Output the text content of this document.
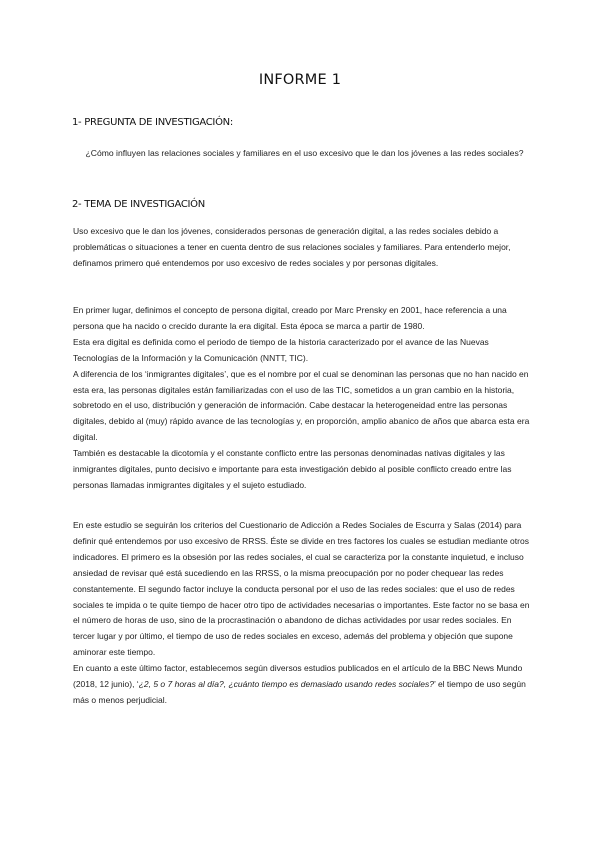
INFORME 1
1- PREGUNTA DE INVESTIGACIÓN:
¿Cómo influyen las relaciones sociales y familiares en el uso excesivo que le dan los jóvenes a las redes sociales?
2- TEMA DE INVESTIGACIÓN

Uso excesivo que le dan los jóvenes, considerados personas de generación digital, a las redes sociales debido a problemáticas o situaciones a tener en cuenta dentro de sus relaciones sociales y familiares. Para entenderlo mejor, definamos primero qué entendemos por uso excesivo de redes sociales y por personas digitales.

En primer lugar, definimos el concepto de persona digital, creado por Marc Prensky en 2001, hace referencia a una persona que ha nacido o crecido durante la era digital. Esta época se marca a partir de 1980.

Esta era digital es definida como el periodo de tiempo de la historia caracterizado por el avance de las Nuevas Tecnologías de la Información y la Comunicación (NNTT, TIC).

A diferencia de los ‘inmigrantes digitales’, que es el nombre por el cual se denominan las personas que no han nacido en esta era, las personas digitales están familiarizadas con el uso de las TIC, sometidos a un gran cambio en la historia, sobretodo en el uso, distribución y generación de información. Cabe destacar la heterogeneidad entre las personas digitales, debido al (muy) rápido avance de las tecnologías y, en proporción, amplio abanico de años que abarca esta era digital.

También es destacable la dicotomía y el constante conflicto entre las personas denominadas nativas digitales y las inmigrantes digitales, punto decisivo e importante para esta investigación debido al posible conflicto creado entre las personas llamadas inmigrantes digitales y el sujeto estudiado.

En este estudio se seguirán los criterios del Cuestionario de Adicción a Redes Sociales de Escurra y Salas (2014) para definir qué entendemos por uso excesivo de RRSS. Éste se divide en tres factores los cuales se estudian mediante otros indicadores. El primero es la obsesión por las redes sociales, el cual se caracteriza por la constante inquietud, e incluso ansiedad de revisar qué está sucediendo en las RRSS, o la misma preocupación por no poder chequear las redes constantemente. El segundo factor incluye la conducta personal por el uso de las redes sociales: que el uso de redes sociales te impida o te quite tiempo de hacer otro tipo de actividades necesarias o importantes. Este factor no se basa en el número de horas de uso, sino de la procrastinación o abandono de dichas actividades por usar redes sociales. En tercer lugar y por último, el tiempo de uso de redes sociales en exceso, además del problema y objeción que supone aminorar este tiempo.

En cuanto a este último factor, establecemos según diversos estudios publicados en el artículo de la BBC News Mundo (2018, 12 junio), ‘¿2, 5 o 7 horas al día?, ¿cuánto tiempo es demasiado usando redes sociales?’ el tiempo de uso según más o menos perjudicial.
